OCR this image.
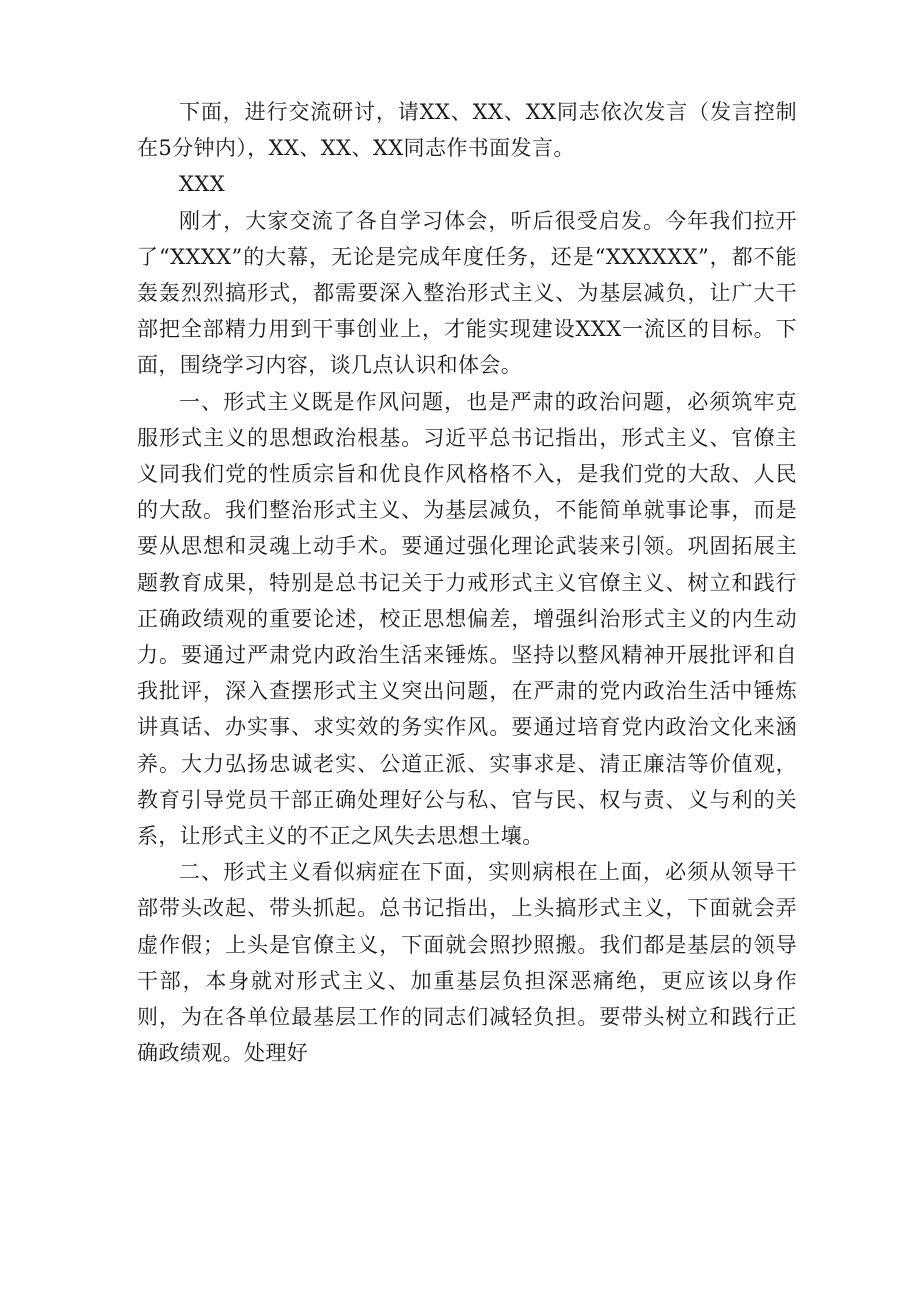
下面，进行交流研讨，请XX、XX、XX同志依次发言（发言控制在5分钟内），XX、XX、XX同志作书面发言。

XXX

刚才，大家交流了各自学习体会，听后很受启发。今年我们拉开了“XXXX”的大幕，无论是完成年度任务，还是“XXXXXX”，都不能轰轰烈烈搞形式，都需要深入整治形式主义、为基层减负，让广大干部把全部精力用到干事创业上，才能实现建设XXX一流区的目标。下面，围绕学习内容，谈几点认识和体会。

一、形式主义既是作风问题，也是严肃的政治问题，必须筑牢克服形式主义的思想政治根基。习近平总书记指出，形式主义、官僚主义同我们党的性质宗旨和优良作风格格不入，是我们党的大敌、人民的大敌。我们整治形式主义、为基层减负，不能简单就事论事，而是要从思想和灵魂上动手术。要通过强化理论武装来引领。巩固拓展主题教育成果，特别是总书记关于力戒形式主义官僚主义、树立和践行正确政绩观的重要论述，校正思想偏差，增强纠治形式主义的内生动力。要通过严肃党内政治生活来锤炼。坚持以整风精神开展批评和自我批评，深入查摆形式主义突出问题，在严肃的党内政治生活中锤炼讲真话、办实事、求实效的务实作风。要通过培育党内政治文化来涵养。大力弘扬忠诚老实、公道正派、实事求是、清正廉洁等价值观，教育引导党员干部正确处理好公与私、官与民、权与责、义与利的关系，让形式主义的不正之风失去思想土壤。

二、形式主义看似病症在下面，实则病根在上面，必须从领导干部带头改起、带头抓起。总书记指出，上头搞形式主义，下面就会弄虚作假；上头是官僚主义，下面就会照抄照搬。我们都是基层的领导干部，本身就对形式主义、加重基层负担深恶痛绝，更应该以身作则，为在各单位最基层工作的同志们减轻负担。要带头树立和践行正确政绩观。处理好
